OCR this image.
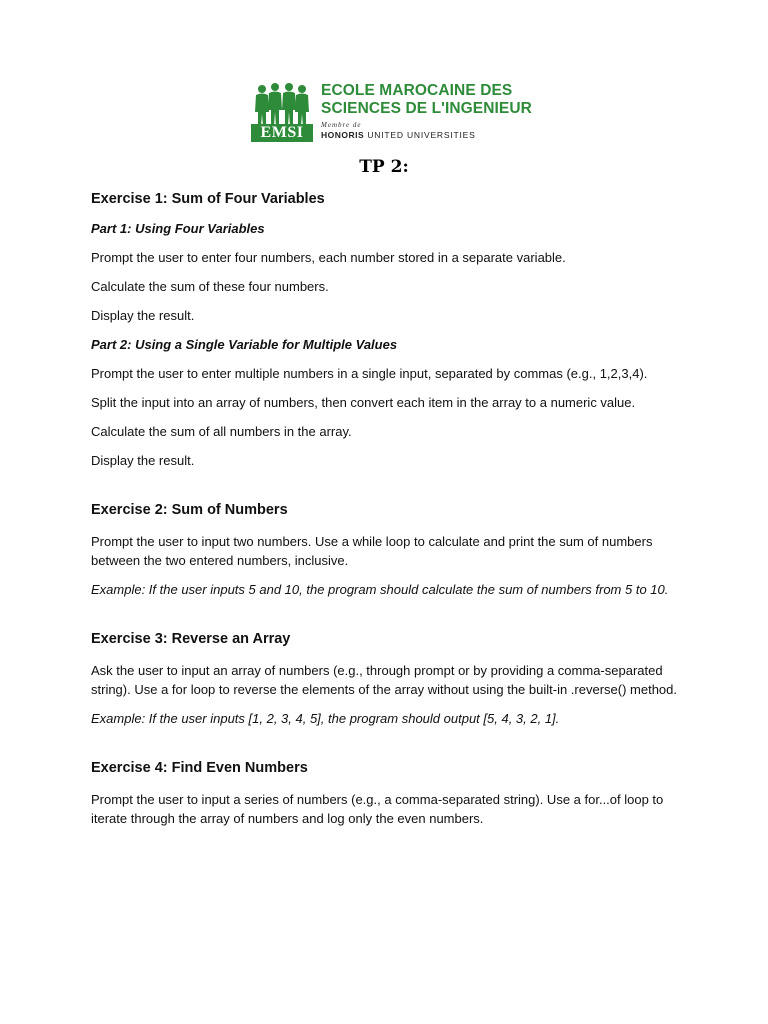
EMSI
ECOLE MAROCAINE DES
SCIENCES DE L'INGENIEUR
Membre de
HONORIS UNITED UNIVERSITIES
TP 2:
Exercise 1: Sum of Four Variables

Part 1: Using Four Variables

Prompt the user to enter four numbers, each number stored in a separate variable.

Calculate the sum of these four numbers.

Display the result.

Part 2: Using a Single Variable for Multiple Values

Prompt the user to enter multiple numbers in a single input, separated by commas (e.g., 1,2,3,4).

Split the input into an array of numbers, then convert each item in the array to a numeric value.

Calculate the sum of all numbers in the array.

Display the result.

Exercise 2: Sum of Numbers

Prompt the user to input two numbers. Use a while loop to calculate and print the sum of numbers between the two entered numbers, inclusive.

Example: If the user inputs 5 and 10, the program should calculate the sum of numbers from 5 to 10.

Exercise 3: Reverse an Array

Ask the user to input an array of numbers (e.g., through prompt or by providing a comma-separated string). Use a for loop to reverse the elements of the array without using the built-in .reverse() method.

Example: If the user inputs [1, 2, 3, 4, 5], the program should output [5, 4, 3, 2, 1].

Exercise 4: Find Even Numbers

Prompt the user to input a series of numbers (e.g., a comma-separated string). Use a for...of loop to iterate through the array of numbers and log only the even numbers.
